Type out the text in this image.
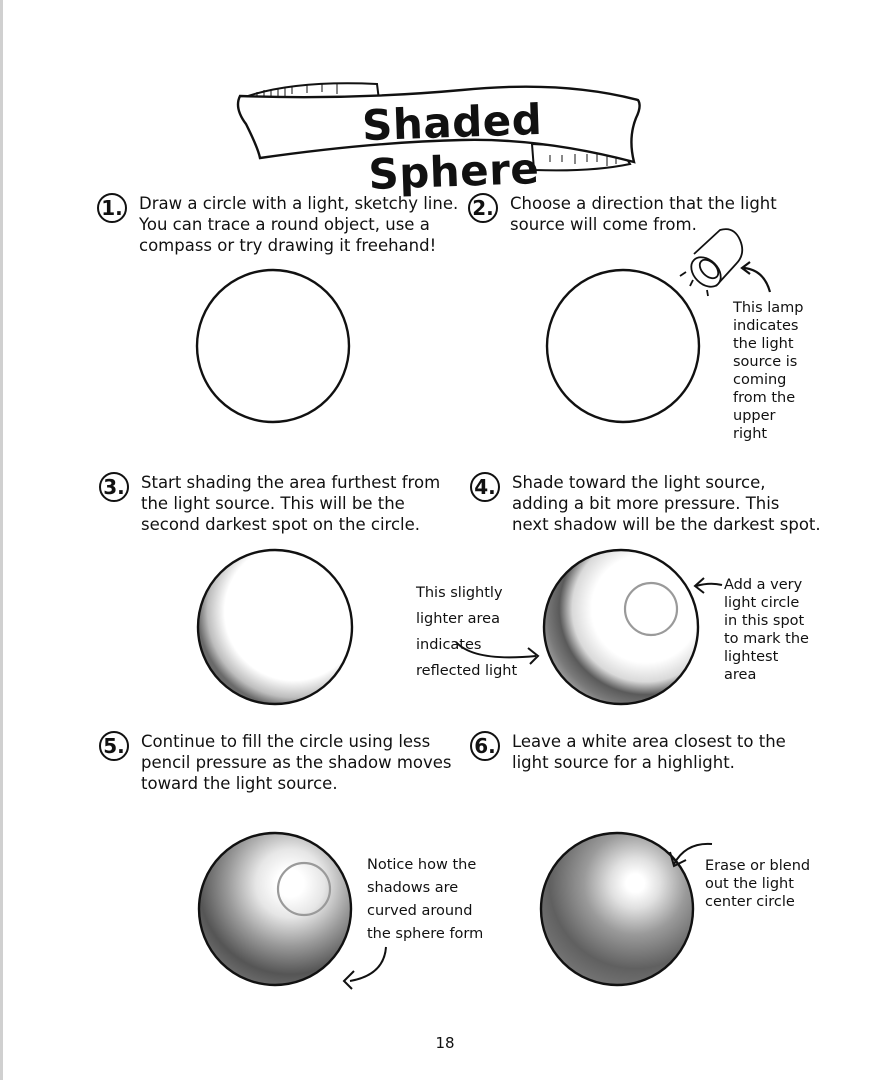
Shaded Sphere
1. Draw a circle with a light, sketchy line.
You can trace a round object, use a
compass or try drawing it freehand!
2. Choose a direction that the light
source will come from.
This lamp
indicates
the light
source is
coming
from the
upper
right
3. Start shading the area furthest from
the light source. This will be the
second darkest spot on the circle.
This slightly
lighter area
indicates
reflected light
4. Shade toward the light source,
adding a bit more pressure. This
next shadow will be the darkest spot.
Add a very
light circle
in this spot
to mark the
lightest
area
5. Continue to fill the circle using less
pencil pressure as the shadow moves
toward the light source.
Notice how the
shadows are
curved around
the sphere form
6. Leave a white area closest to the
light source for a highlight.
Erase or blend
out the light
center circle
18
